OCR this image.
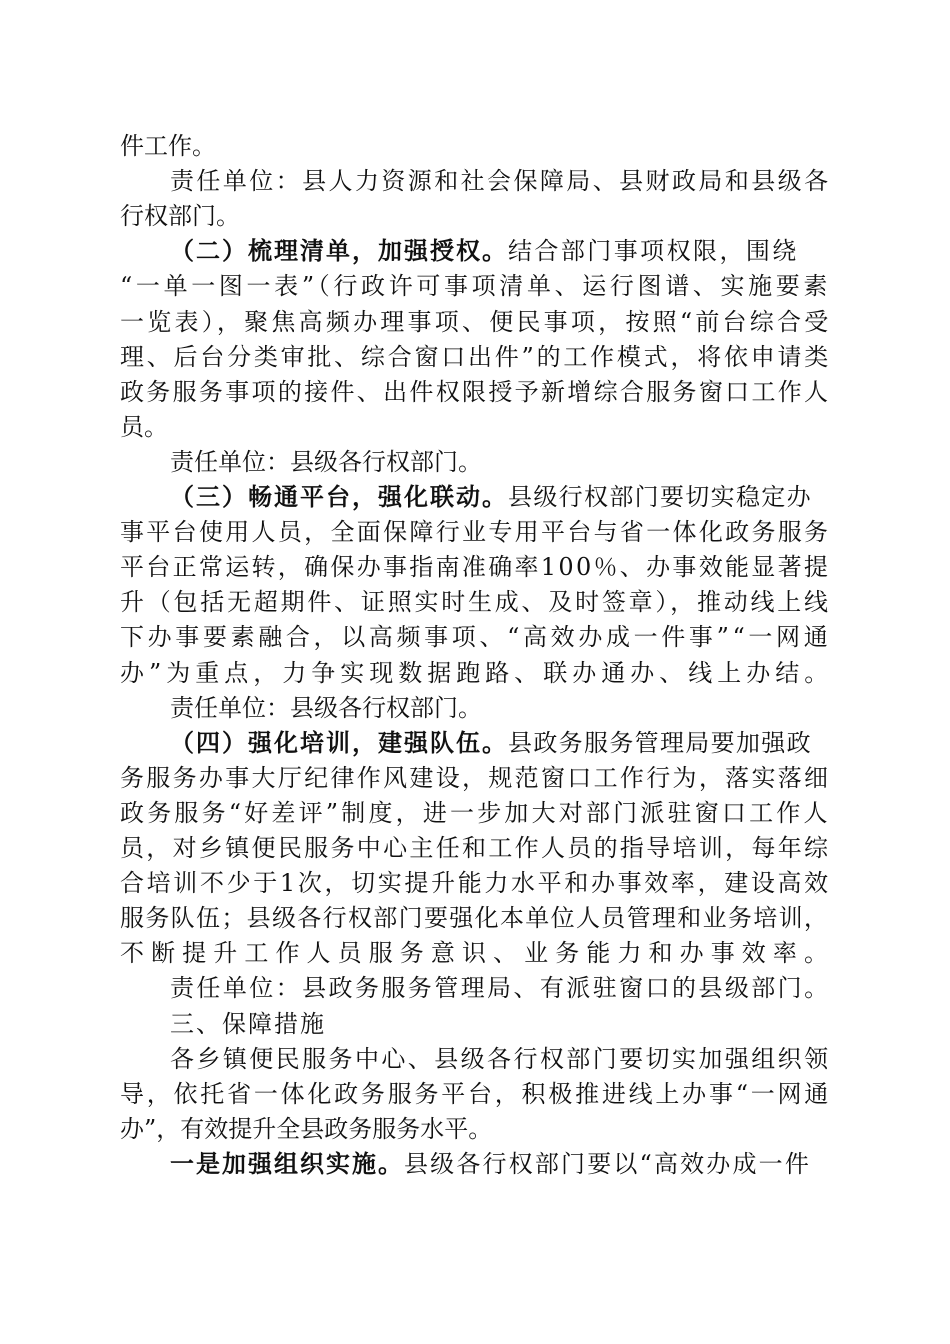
件工作。
责任单位：县人力资源和社会保障局、县财政局和县级各
行权部门。
（二）梳理清单，加强授权。结合部门事项权限，围绕
“一单一图一表”（行政许可事项清单、运行图谱、实施要素
一览表），聚焦高频办理事项、便民事项，按照“前台综合受
理、后台分类审批、综合窗口出件”的工作模式，将依申请类
政务服务事项的接件、出件权限授予新增综合服务窗口工作人
员。
责任单位：县级各行权部门。
（三）畅通平台，强化联动。县级行权部门要切实稳定办
事平台使用人员，全面保障行业专用平台与省一体化政务服务
平台正常运转，确保办事指南准确率100％、办事效能显著提
升（包括无超期件、证照实时生成、及时签章），推动线上线
下办事要素融合，以高频事项、“高效办成一件事”“一网通
办”为重点，力争实现数据跑路、联办通办、线上办结。
责任单位：县级各行权部门。
（四）强化培训，建强队伍。县政务服务管理局要加强政
务服务办事大厅纪律作风建设，规范窗口工作行为，落实落细
政务服务“好差评”制度，进一步加大对部门派驻窗口工作人
员，对乡镇便民服务中心主任和工作人员的指导培训，每年综
合培训不少于1次，切实提升能力水平和办事效率，建设高效
服务队伍；县级各行权部门要强化本单位人员管理和业务培训，
不断提升工作人员服务意识、业务能力和办事效率。
责任单位：县政务服务管理局、有派驻窗口的县级部门。
三、保障措施
各乡镇便民服务中心、县级各行权部门要切实加强组织领
导，依托省一体化政务服务平台，积极推进线上办事“一网通
办”，有效提升全县政务服务水平。
一是加强组织实施。县级各行权部门要以“高效办成一件
